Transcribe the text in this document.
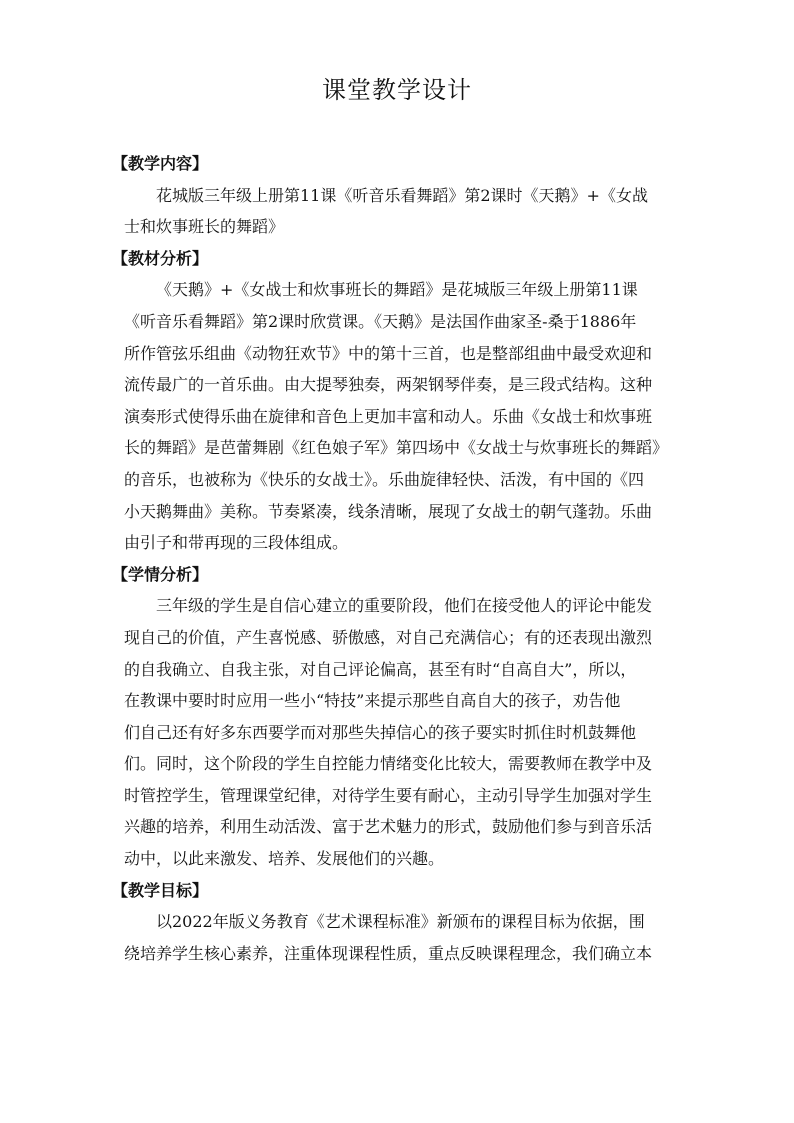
课堂教学设计
【教学内容】
花城版三年级上册第11课《听音乐看舞蹈》第2课时《天鹅》+《女战
士和炊事班长的舞蹈》
【教材分析】
《天鹅》+《女战士和炊事班长的舞蹈》是花城版三年级上册第11课
《听音乐看舞蹈》第2课时欣赏课。《天鹅》是法国作曲家圣-桑于1886年
所作管弦乐组曲《动物狂欢节》中的第十三首，也是整部组曲中最受欢迎和
流传最广的一首乐曲。由大提琴独奏，两架钢琴伴奏，是三段式结构。这种
演奏形式使得乐曲在旋律和音色上更加丰富和动人。乐曲《女战士和炊事班
长的舞蹈》是芭蕾舞剧《红色娘子军》第四场中《女战士与炊事班长的舞蹈》
的音乐，也被称为《快乐的女战士》。乐曲旋律轻快、活泼，有中国的《四
小天鹅舞曲》美称。节奏紧凑，线条清晰，展现了女战士的朝气蓬勃。乐曲
由引子和带再现的三段体组成。
【学情分析】
三年级的学生是自信心建立的重要阶段，他们在接受他人的评论中能发
现自己的价值，产生喜悦感、骄傲感，对自己充满信心；有的还表现出激烈
的自我确立、自我主张，对自己评论偏高，甚至有时“自高自大”，所以，
在教课中要时时应用一些小“特技”来提示那些自高自大的孩子，劝告他
们自己还有好多东西要学而对那些失掉信心的孩子要实时抓住时机鼓舞他
们。同时，这个阶段的学生自控能力情绪变化比较大，需要教师在教学中及
时管控学生，管理课堂纪律，对待学生要有耐心，主动引导学生加强对学生
兴趣的培养，利用生动活泼、富于艺术魅力的形式，鼓励他们参与到音乐活
动中，以此来激发、培养、发展他们的兴趣。
【教学目标】
以2022年版义务教育《艺术课程标准》新颁布的课程目标为依据，围
绕培养学生核心素养，注重体现课程性质，重点反映课程理念，我们确立本
